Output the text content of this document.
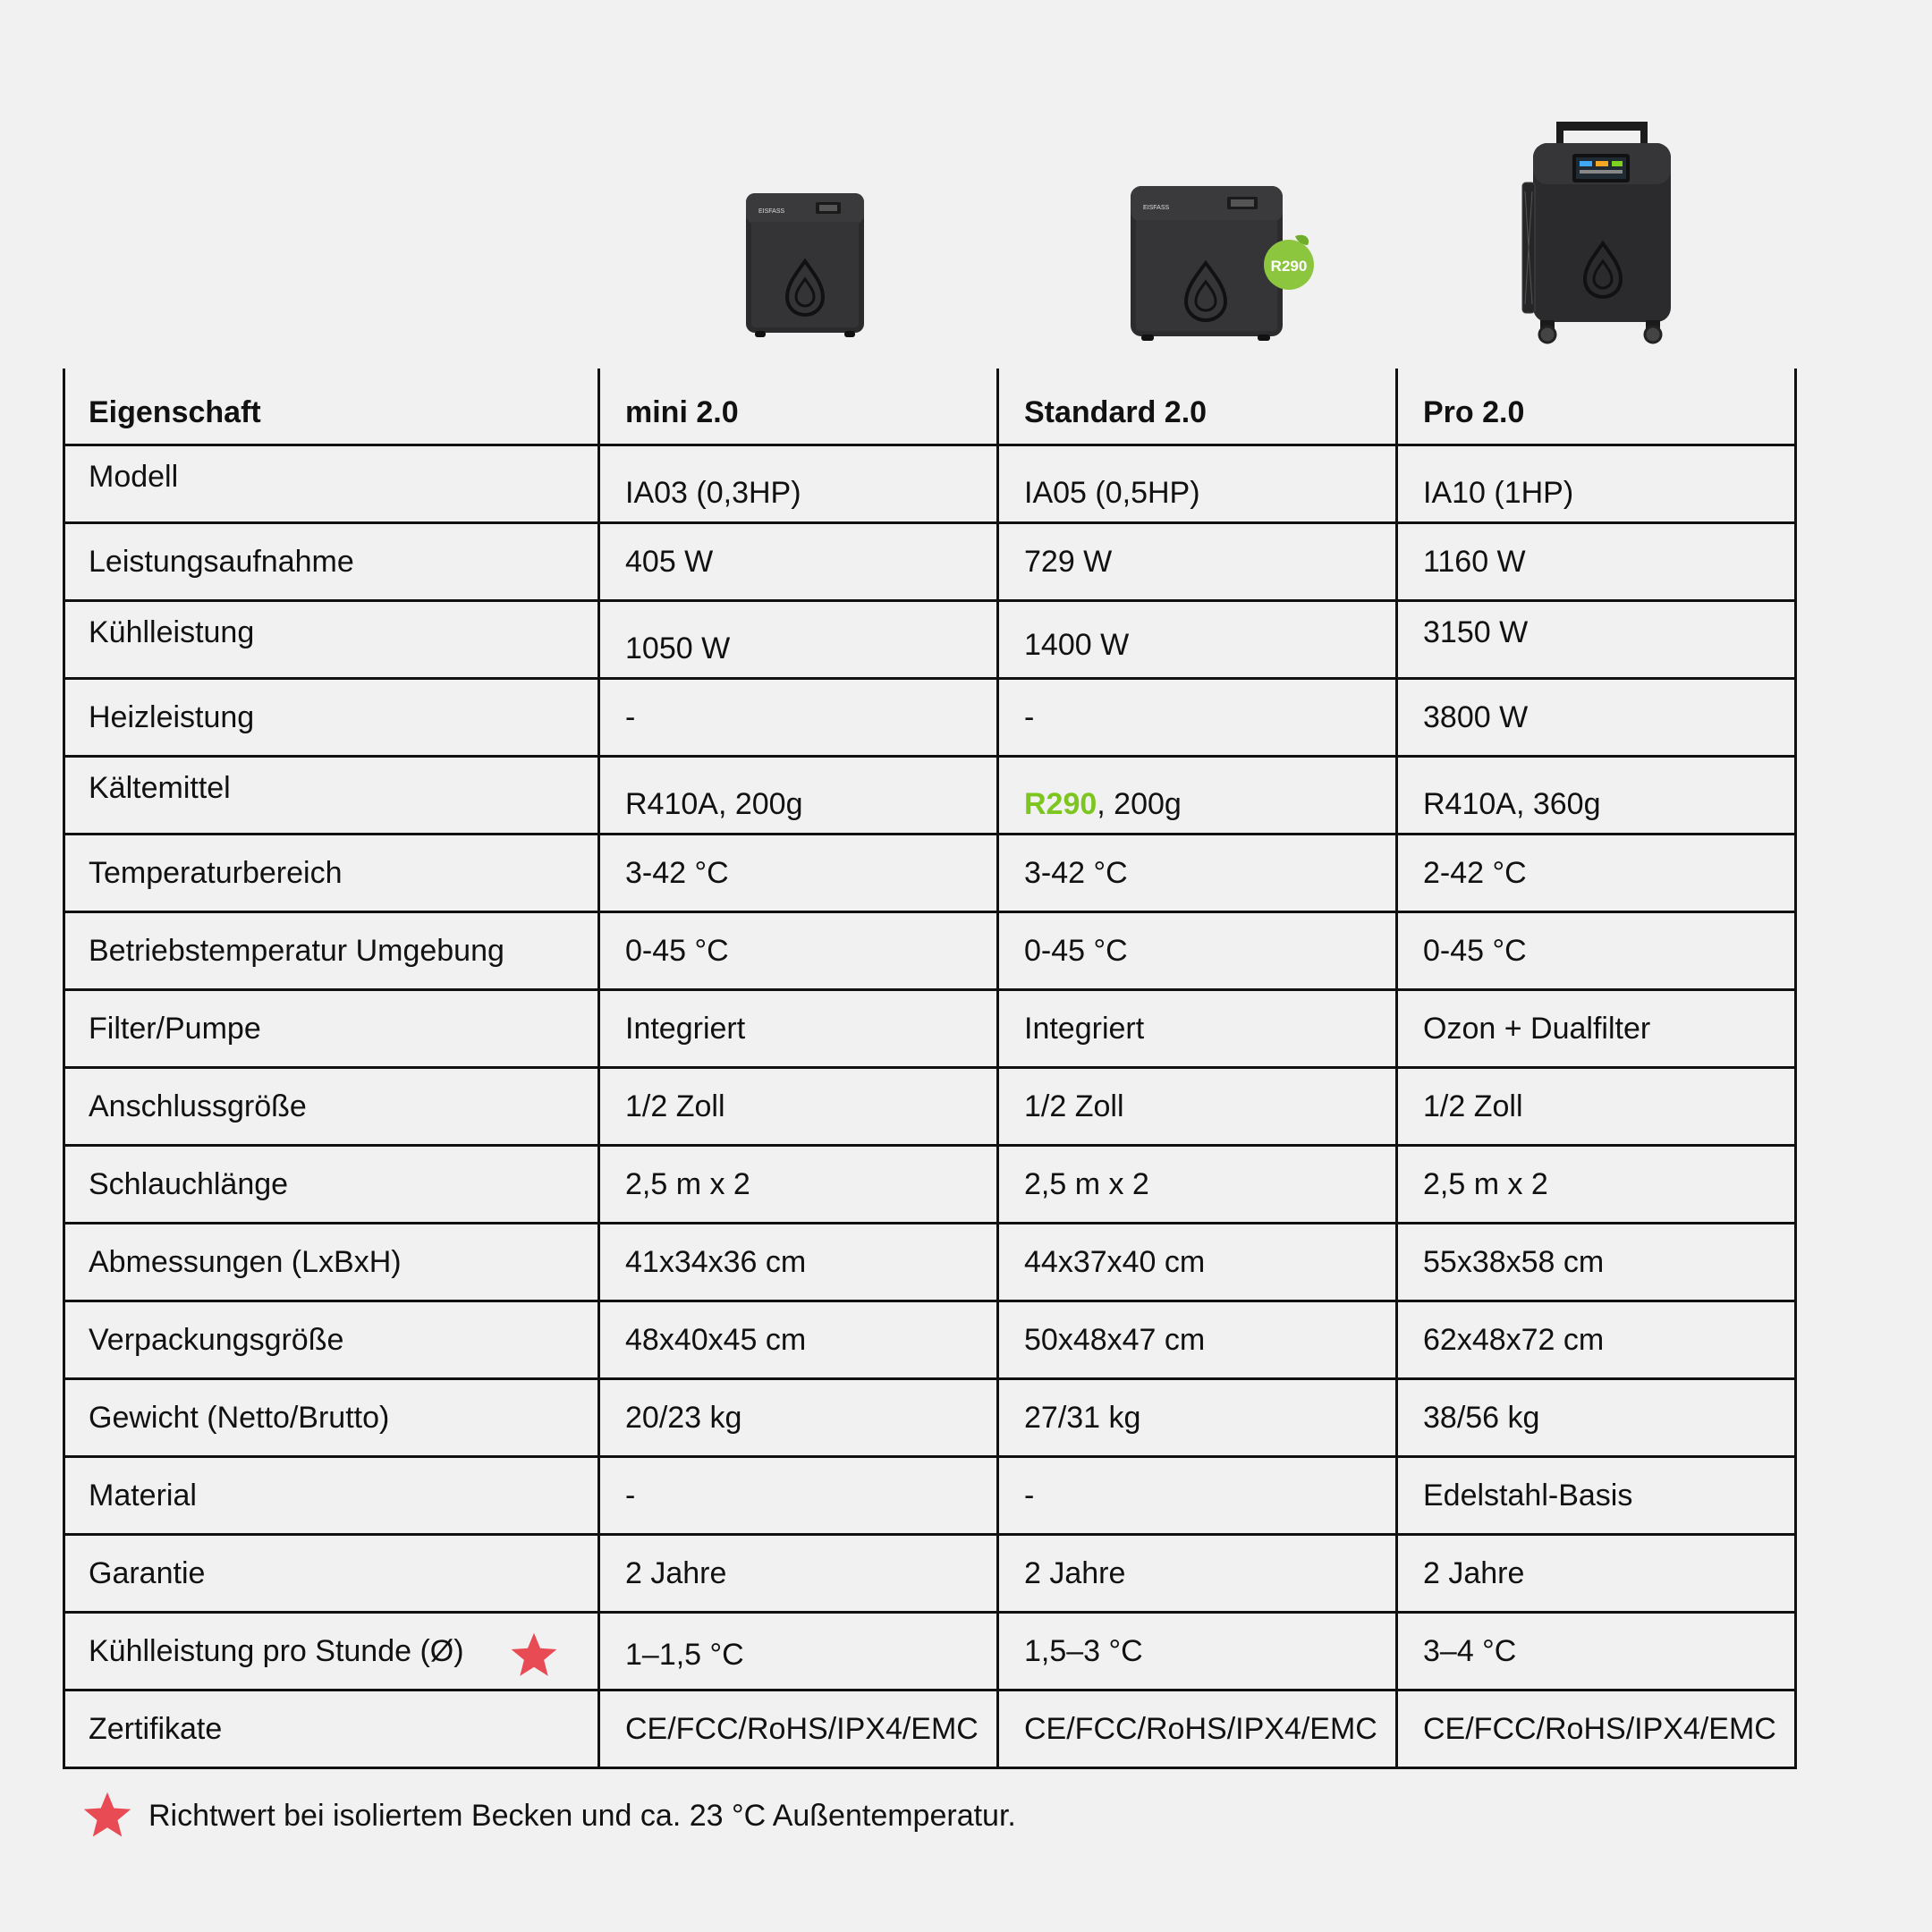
EISFASS
EISFASS
R290
Eigenschaft	mini 2.0	Standard 2.0	Pro 2.0
Modell	IA03 (0,3HP)	IA05 (0,5HP)	IA10 (1HP)
Leistungsaufnahme	405 W	729 W	1160 W
Kühlleistung	1050 W	1400 W	3150 W
Heizleistung	-	-	3800 W
Kältemittel	R410A, 200g	R290, 200g	R410A, 360g
Temperaturbereich	3-42 °C	3-42 °C	2-42 °C
Betriebstemperatur Umgebung	0-45 °C	0-45 °C	0-45 °C
Filter/Pumpe	Integriert	Integriert	Ozon + Dualfilter
Anschlussgröße	1/2 Zoll	1/2 Zoll	1/2 Zoll
Schlauchlänge	2,5 m x 2	2,5 m x 2	2,5 m x 2
Abmessungen (LxBxH)	41x34x36 cm	44x37x40 cm	55x38x58 cm
Verpackungsgröße	48x40x45 cm	50x48x47 cm	62x48x72 cm
Gewicht (Netto/Brutto)	20/23 kg	27/31 kg	38/56 kg
Material	-	-	Edelstahl-Basis
Garantie	2 Jahre	2 Jahre	2 Jahre
Kühlleistung pro Stunde (Ø)	1–1,5 °C	1,5–3 °C	3–4 °C
Zertifikate	CE/FCC/RoHS/IPX4/EMC	CE/FCC/RoHS/IPX4/EMC	CE/FCC/RoHS/IPX4/EMC
Richtwert bei isoliertem Becken und ca. 23 °C Außentemperatur.
